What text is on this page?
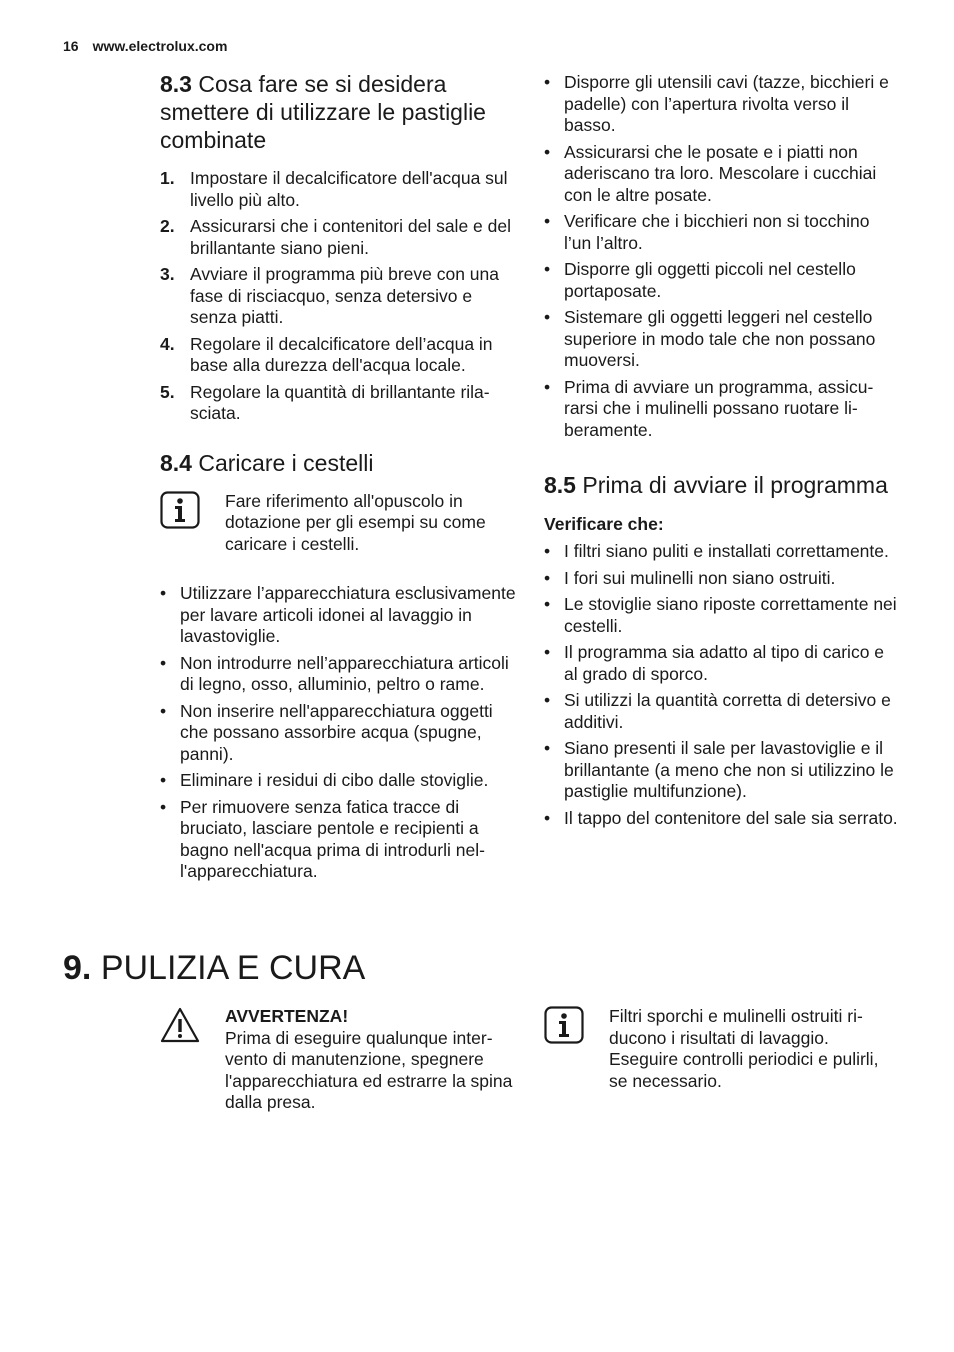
16 www.electrolux.com
8.3 Cosa fare se si desidera smettere di utilizzare le pastiglie combinate
1. Impostare il decalcificatore dell'acqua sul livello più alto.
2. Assicurarsi che i contenitori del sale e del brillantante siano pieni.
3. Avviare il programma più breve con una fase di risciacquo, senza detersivo e senza piatti.
4. Regolare il decalcificatore dell’acqua in base alla durezza dell'acqua locale.
5. Regolare la quantità di brillantante rilasciata.
8.4 Caricare i cestelli
Fare riferimento all'opuscolo in dotazione per gli esempi su come caricare i cestelli.
• Utilizzare l’apparecchiatura esclusivamente per lavare articoli idonei al lavaggio in lavastoviglie.
• Non introdurre nell’apparecchiatura articoli di legno, osso, alluminio, peltro o rame.
• Non inserire nell'apparecchiatura oggetti che possano assorbire acqua (spugne, panni).
• Eliminare i residui di cibo dalle stoviglie.
• Per rimuovere senza fatica tracce di bruciato, lasciare pentole e recipienti a bagno nell'acqua prima di introdurli nell'apparecchiatura.
• Disporre gli utensili cavi (tazze, bicchieri e padelle) con l’apertura rivolta verso il basso.
• Assicurarsi che le posate e i piatti non aderiscano tra loro. Mescolare i cucchiai con le altre posate.
• Verificare che i bicchieri non si tocchino l’un l’altro.
• Disporre gli oggetti piccoli nel cestello portaposate.
• Sistemare gli oggetti leggeri nel cestello superiore in modo tale che non possano muoversi.
• Prima di avviare un programma, assicurarsi che i mulinelli possano ruotare liberamente.
8.5 Prima di avviare il programma
Verificare che:
• I filtri siano puliti e installati correttamente.
• I fori sui mulinelli non siano ostruiti.
• Le stoviglie siano riposte correttamente nei cestelli.
• Il programma sia adatto al tipo di carico e al grado di sporco.
• Si utilizzi la quantità corretta di detersivo e additivi.
• Siano presenti il sale per lavastoviglie e il brillantante (a meno che non si utilizzino le pastiglie multifunzione).
• Il tappo del contenitore del sale sia serrato.
9. PULIZIA E CURA
AVVERTENZA!
Prima di eseguire qualunque intervento di manutenzione, spegnere l'apparecchiatura ed estrarre la spina dalla presa.
Filtri sporchi e mulinelli ostruiti riducono i risultati di lavaggio. Eseguire controlli periodici e pulirli, se necessario.
